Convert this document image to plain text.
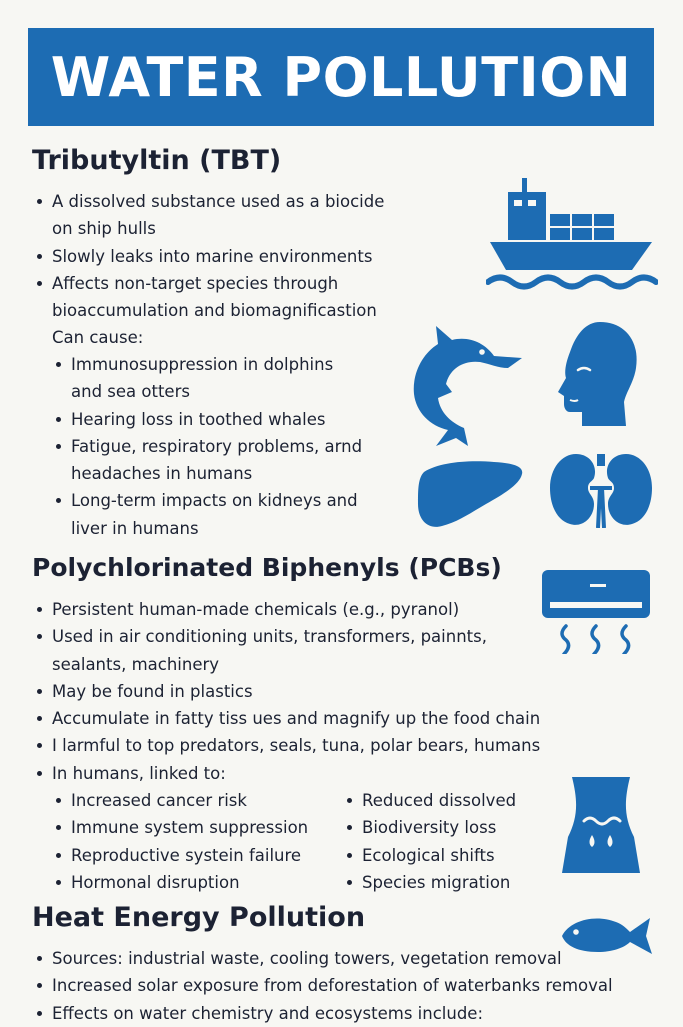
WATER POLLUTION
Tributyltin (TBT)
A dissolved substance used as a biocide
on ship hulls
Slowly leaks into marine environments
Affects non-target species through
bioaccumulation and biomagnificastion
Can cause:
Immunosuppression in dolphins
and sea otters
Hearing loss in toothed whales
Fatigue, respiratory problems, arnd
headaches in humans
Long-term impacts on kidneys and
liver in humans
Polychlorinated Biphenyls (PCBs)
Persistent human-made chemicals (e.g., pyranol)
Used in air conditioning units, transformers, painnts,
sealants, machinery
May be found in plastics
Accumulate in fatty tiss ues and magnify up the food chain
I larmful to top predators, seals, tuna, polar bears, humans
In humans, linked to:
Increased cancer risk
Immune system suppression
Reproductive systein failure
Hormonal disruption
Reduced dissolved
Biodiversity loss
Ecological shifts
Species migration
Heat Energy Pollution
Sources: industrial waste, cooling towers, vegetation removal
Increased solar exposure from deforestation of waterbanks removal
Effects on water chemistry and ecosystems include:
